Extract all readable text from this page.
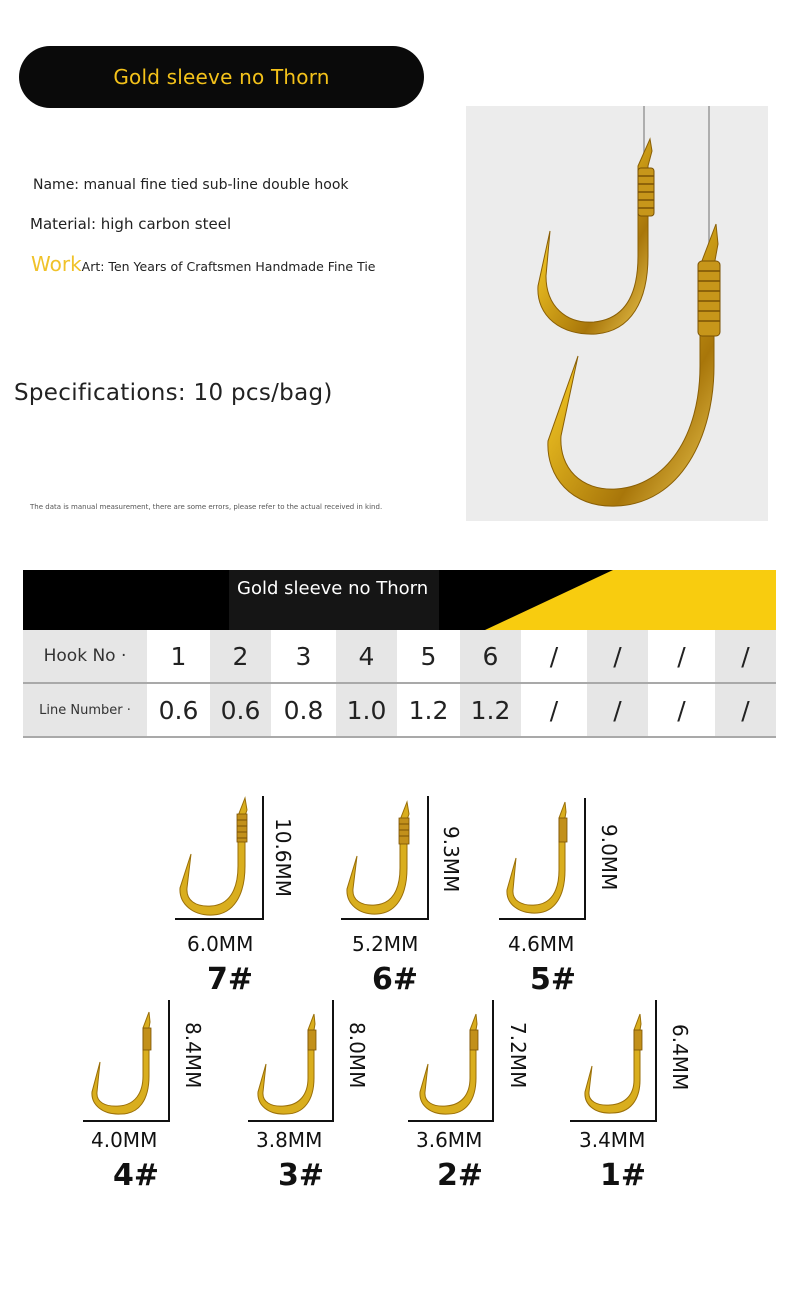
Gold sleeve no Thorn
Name: manual fine tied sub-line double hook
Material: high carbon steel
WorkArt: Ten Years of Craftsmen Handmade Fine Tie
Specifications: 10 pcs/bag)
The data is manual measurement, there are some errors, please refer to the actual received in kind.
Gold sleeve no Thorn
Hook No ·	1	2	3	4	5	6	/	/	/	/
Line Number ·	0.6 0.6 0.8 1.0 1.2 1.2	/	/	/	/
10.6MM
6.0MM
7#
9.3MM
5.2MM
6#
9.0MM
4.6MM
5#
8.4MM
4.0MM
4#
8.0MM
3.8MM
3#
7.2MM
3.6MM
2#
6.4MM
3.4MM
1#
